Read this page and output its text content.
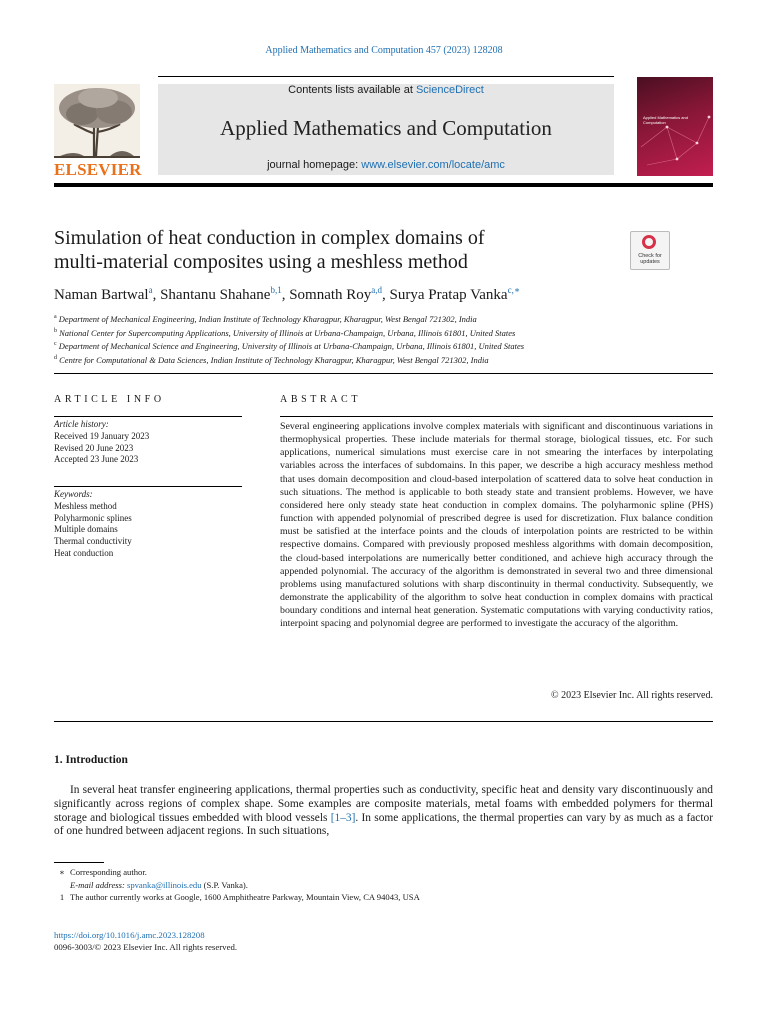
Applied Mathematics and Computation 457 (2023) 128208
ELSEVIER
Contents lists available at ScienceDirect
Applied Mathematics and Computation
journal homepage: www.elsevier.com/locate/amc
Applied Mathematics and Computation
Simulation of heat conduction in complex domains of
multi-material composites using a meshless method	Check for updates
Naman Bartwal$^a$, Shantanu Shahane$^{b,1}$, Somnath Roy$^{a,d}$, Surya Pratap Vanka$^{c,∗}$
$^a$ Department of Mechanical Engineering, Indian Institute of Technology Kharagpur, Kharagpur, West Bengal 721302, India
$^b$ National Center for Supercomputing Applications, University of Illinois at Urbana-Champaign, Urbana, Illinois 61801, United States
$^c$ Department of Mechanical Science and Engineering, University of Illinois at Urbana-Champaign, Urbana, Illinois 61801, United States
$^d$ Centre for Computational & Data Sciences, Indian Institute of Technology Kharagpur, Kharagpur, West Bengal 721302, India
ARTICLE INFO	ABSTRACT
Article history:
Received 19 January 2023
Revised 20 June 2023
Accepted 23 June 2023
Keywords:
Meshless method
Polyharmonic splines
Multiple domains
Thermal conductivity
Heat conduction
Several engineering applications involve complex materials with significant and discontinuous variations in thermophysical properties. These include materials for thermal storage, biological tissues, etc. For such applications, numerical simulations must exercise care in not smearing the interfaces by interpolating variables across the interfaces of subdomains. In this paper, we describe a high accuracy meshless method that uses domain decomposition and cloud-based interpolation of scattered data to solve heat conduction in such situations. The method is applicable to both steady state and transient problems. However, we have considered here only steady state heat conduction in complex domains. The polyharmonic spline (PHS) function with appended polynomial of prescribed degree is used for discretization. Flux balance condition must be satisfied at the interface points and the clouds of interpolation points are restricted to be within respective domains. Compared with previously proposed meshless algorithms with domain decomposition, the cloud-based interpolations are numerically better conditioned, and achieve high accuracy through the appended polynomial. The accuracy of the algorithm is demonstrated in several two and three dimensional problems using manufactured solutions with sharp discontinuity in thermal conductivity. Subsequently, we demonstrate the applicability of the algorithm to solve heat conduction in complex domains with practical boundary conditions and internal heat generation. Systematic computations with varying conductivity ratios, interpoint spacing and polynomial degree are performed to investigate the accuracy of the algorithm.
© 2023 Elsevier Inc. All rights reserved.
1. Introduction
In several heat transfer engineering applications, thermal properties such as conductivity, specific heat and density vary discontinuously and significantly across regions of complex shape. Some examples are composite materials, metal foams with embedded polymers for thermal storage and biological tissues embedded with blood vessels [1–3]. In some applications, the thermal properties can vary by as much as a factor of one hundred between adjacent regions. In such situations,
∗ Corresponding author.
E-mail address: spvanka@illinois.edu (S.P. Vanka).
1 The author currently works at Google, 1600 Amphitheatre Parkway, Mountain View, CA 94043, USA
https://doi.org/10.1016/j.amc.2023.128208
0096-3003/© 2023 Elsevier Inc. All rights reserved.
